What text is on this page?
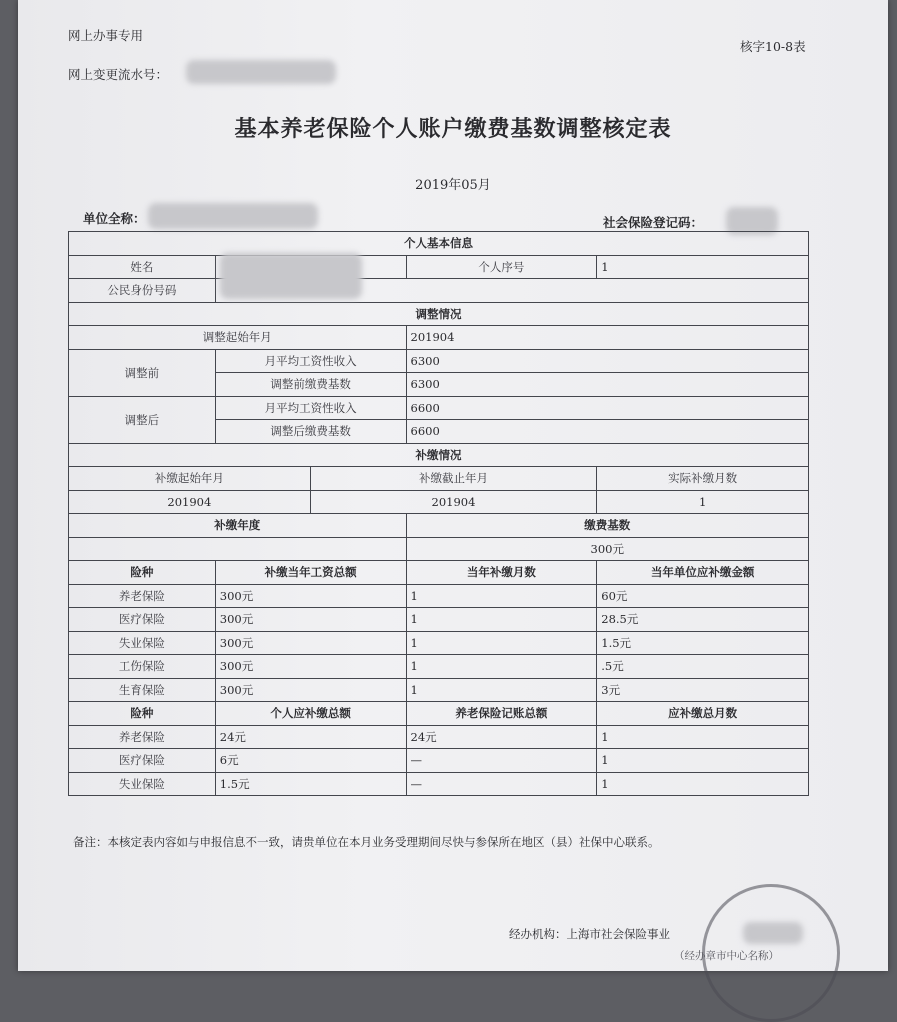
网上办事专用
网上变更流水号：
核字10-8表
基本养老保险个人账户缴费基数调整核定表
2019年05月
单位全称：	社会保险登记码：
个人基本信息				
姓名			个人序号	1
公民身份号码				
调整情况				
调整起始年月			201904	
调整前	月平均工资性收入		6300	
	调整前缴费基数		6300	
调整后	月平均工资性收入		6600	
	调整后缴费基数		6600	
补缴情况				
补缴起始年月		补缴截止年月		实际补缴月数
201904		201904		1
补缴年度			缴费基数	
			300元	
险种	补缴当年工资总额		当年补缴月数	当年单位应补缴金额
养老保险	300元		1	60元
医疗保险	300元		1	28.5元
失业保险	300元		1	1.5元
工伤保险	300元		1	.5元
生育保险	300元		1	3元
险种	个人应补缴总额		养老保险记账总额	应补缴总月数
养老保险	24元		24元	1
医疗保险	6元		—	1
失业保险	1.5元		—	1
备注：本核定表内容如与申报信息不一致，请贵单位在本月业务受理期间尽快与参保所在地区（县）社保中心联系。
经办机构：上海市社会保险事业
（经办章市中心名称）
